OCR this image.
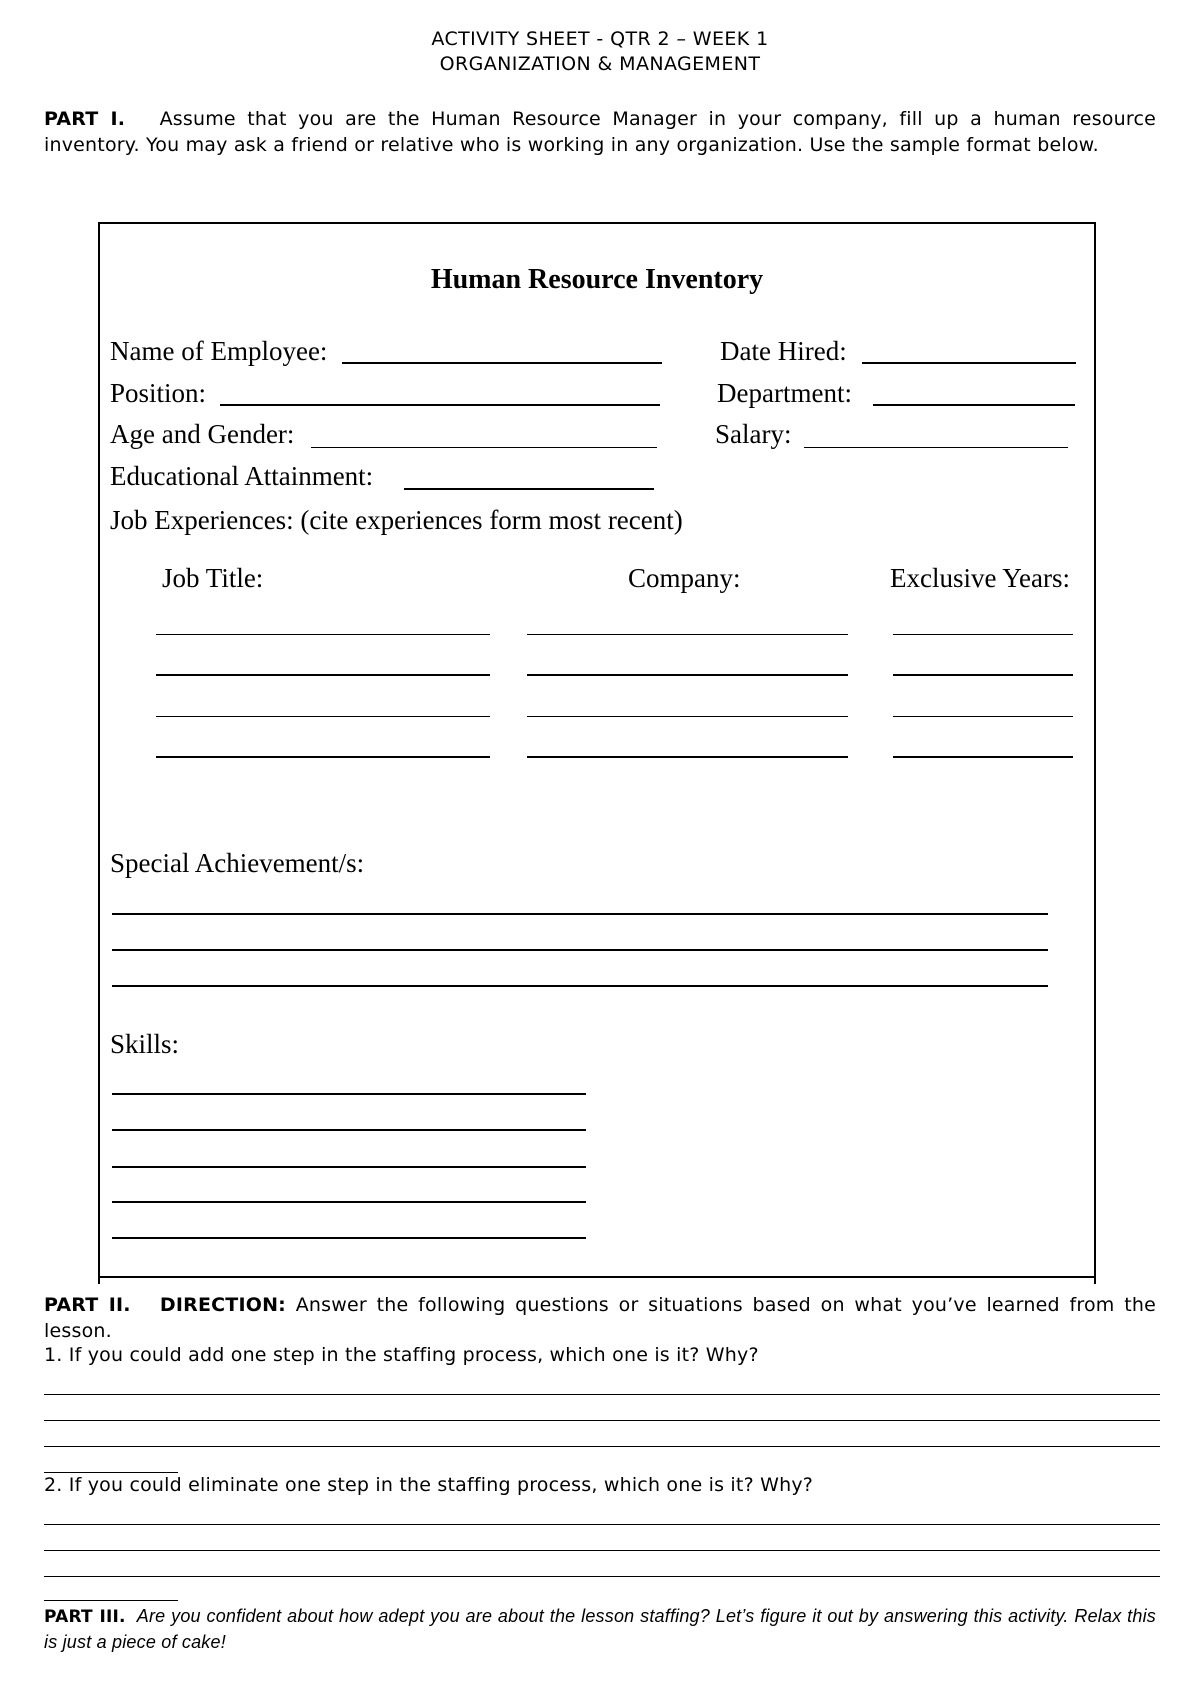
ACTIVITY SHEET - QTR 2 – WEEK 1
ORGANIZATION & MANAGEMENT
PART I. Assume that you are the Human Resource Manager in your company, fill up a human resource inventory. You may ask a friend or relative who is working in any organization. Use the sample format below.
Human Resource Inventory
Name of Employee:	Date Hired:
Position:	Department:
Age and Gender:	Salary:
Educational Attainment:
Job Experiences: (cite experiences form most recent)
Job Title:	Company:	Exclusive Years:
Special Achievement/s:
Skills:
PART II. DIRECTION: Answer the following questions or situations based on what you’ve learned from the lesson.
1. If you could add one step in the staffing process, which one is it? Why?
2. If you could eliminate one step in the staffing process, which one is it? Why?
PART III. Are you confident about how adept you are about the lesson staffing? Let’s figure it out by answering this activity. Relax this is just a piece of cake!
